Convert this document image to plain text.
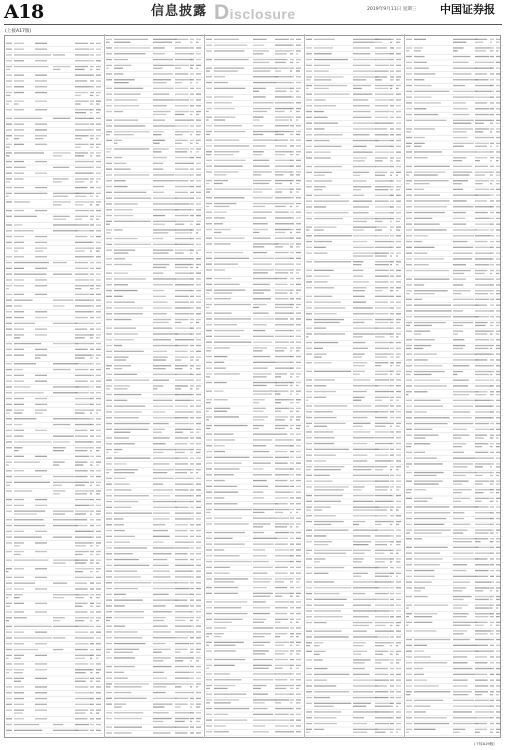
A18	信息披露 Disclosure	2019年9月11日 星期三 中国证券报
(上接A17版)
(下转A19版)
